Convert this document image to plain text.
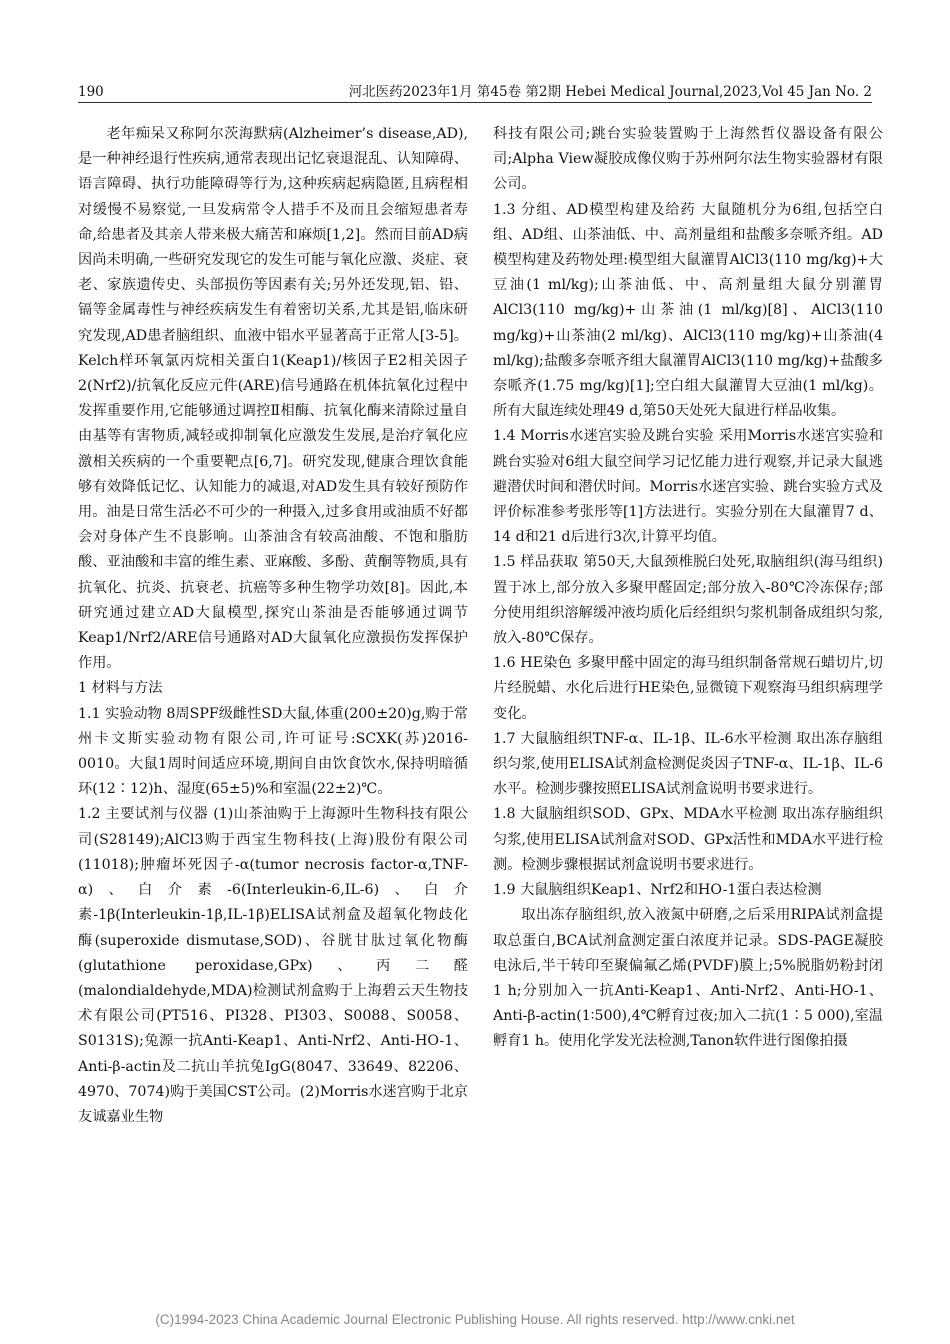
190	河北医药2023年1月 第45卷 第2期 Hebei Medical Journal,2023,Vol 45 Jan No. 2

老年痴呆又称阿尔茨海默病(Alzheimer’s disease,AD),是一种神经退行性疾病,通常表现出记忆衰退混乱、认知障碍、语言障碍、执行功能障碍等行为,这种疾病起病隐匿,且病程相对缓慢不易察觉,一旦发病常令人措手不及而且会缩短患者寿命,给患者及其亲人带来极大痛苦和麻烦[1,2]。然而目前AD病因尚未明确,一些研究发现它的发生可能与氧化应激、炎症、衰老、家族遗传史、头部损伤等因素有关;另外还发现,铝、铅、镉等金属毒性与神经疾病发生有着密切关系,尤其是铝,临床研究发现,AD患者脑组织、血液中铝水平显著高于正常人[3-5]。Kelch样环氧氯丙烷相关蛋白1(Keap1)/核因子E2相关因子2(Nrf2)/抗氧化反应元件(ARE)信号通路在机体抗氧化过程中发挥重要作用,它能够通过调控Ⅱ相酶、抗氧化酶来清除过量自由基等有害物质,减轻或抑制氧化应激发生发展,是治疗氧化应激相关疾病的一个重要靶点[6,7]。研究发现,健康合理饮食能够有效降低记忆、认知能力的减退,对AD发生具有较好预防作用。油是日常生活必不可少的一种摄入,过多食用或油质不好都会对身体产生不良影响。山茶油含有较高油酸、不饱和脂肪酸、亚油酸和丰富的维生素、亚麻酸、多酚、黄酮等物质,具有抗氧化、抗炎、抗衰老、抗癌等多种生物学功效[8]。因此,本研究通过建立AD大鼠模型,探究山茶油是否能够通过调节Keap1/Nrf2/ARE信号通路对AD大鼠氧化应激损伤发挥保护作用。

1 材料与方法

1.1 实验动物 8周SPF级雌性SD大鼠,体重(200±20)g,购于常州卡文斯实验动物有限公司,许可证号:SCXK(苏)2016-0010。大鼠1周时间适应环境,期间自由饮食饮水,保持明暗循环(12∶12)h、湿度(65±5)%和室温(22±2)℃。

1.2 主要试剂与仪器 (1)山茶油购于上海源叶生物科技有限公司(S28149);AlCl3购于西宝生物科技(上海)股份有限公司(11018);肿瘤坏死因子-α(tumor necrosis factor-α,TNF-α)、白介素-6(Interleukin-6,IL-6)、白介素-1β(Interleukin-1β,IL-1β)ELISA试剂盒及超氧化物歧化酶(superoxide dismutase,SOD)、谷胱甘肽过氧化物酶(glutathione peroxidase,GPx)、丙二醛(malondialdehyde,MDA)检测试剂盒购于上海碧云天生物技术有限公司(PT516、PI328、PI303、S0088、S0058、S0131S);兔源一抗Anti-Keap1、Anti-Nrf2、Anti-HO-1、Anti-β-actin及二抗山羊抗兔IgG(8047、33649、82206、4970、7074)购于美国CST公司。(2)Morris水迷宫购于北京友诚嘉业生物

科技有限公司;跳台实验装置购于上海然哲仪器设备有限公司;Alpha View凝胶成像仪购于苏州阿尔法生物实验器材有限公司。

1.3 分组、AD模型构建及给药 大鼠随机分为6组,包括空白组、AD组、山茶油低、中、高剂量组和盐酸多奈哌齐组。AD模型构建及药物处理:模型组大鼠灌胃AlCl3(110 mg/kg)+大豆油(1 ml/kg);山茶油低、中、高剂量组大鼠分别灌胃AlCl3(110 mg/kg)+山茶油(1 ml/kg)[8]、AlCl3(110 mg/kg)+山茶油(2 ml/kg)、AlCl3(110 mg/kg)+山茶油(4 ml/kg);盐酸多奈哌齐组大鼠灌胃AlCl3(110 mg/kg)+盐酸多奈哌齐(1.75 mg/kg)[1];空白组大鼠灌胃大豆油(1 ml/kg)。所有大鼠连续处理49 d,第50天处死大鼠进行样品收集。

1.4 Morris水迷宫实验及跳台实验 采用Morris水迷宫实验和跳台实验对6组大鼠空间学习记忆能力进行观察,并记录大鼠逃避潜伏时间和潜伏时间。Morris水迷宫实验、跳台实验方式及评价标准参考张彤等[1]方法进行。实验分别在大鼠灌胃7 d、14 d和21 d后进行3次,计算平均值。

1.5 样品获取 第50天,大鼠颈椎脱臼处死,取脑组织(海马组织)置于冰上,部分放入多聚甲醛固定;部分放入-80℃冷冻保存;部分使用组织溶解缓冲液均质化后经组织匀浆机制备成组织匀浆,放入-80℃保存。

1.6 HE染色 多聚甲醛中固定的海马组织制备常规石蜡切片,切片经脱蜡、水化后进行HE染色,显微镜下观察海马组织病理学变化。

1.7 大鼠脑组织TNF-α、IL-1β、IL-6水平检测 取出冻存脑组织匀浆,使用ELISA试剂盒检测促炎因子TNF-α、IL-1β、IL-6水平。检测步骤按照ELISA试剂盒说明书要求进行。

1.8 大鼠脑组织SOD、GPx、MDA水平检测 取出冻存脑组织匀浆,使用ELISA试剂盒对SOD、GPx活性和MDA水平进行检测。检测步骤根据试剂盒说明书要求进行。

1.9 大鼠脑组织Keap1、Nrf2和HO-1蛋白表达检测

取出冻存脑组织,放入液氮中研磨,之后采用RIPA试剂盒提取总蛋白,BCA试剂盒测定蛋白浓度并记录。SDS-PAGE凝胶电泳后,半干转印至聚偏氟乙烯(PVDF)膜上;5%脱脂奶粉封闭1 h;分别加入一抗Anti-Keap1、Anti-Nrf2、Anti-HO-1、Anti-β-actin(1∶500),4℃孵育过夜;加入二抗(1∶5 000),室温孵育1 h。使用化学发光法检测,Tanon软件进行图像拍摄

(C)1994-2023 China Academic Journal Electronic Publishing House. All rights reserved. http://www.cnki.net
